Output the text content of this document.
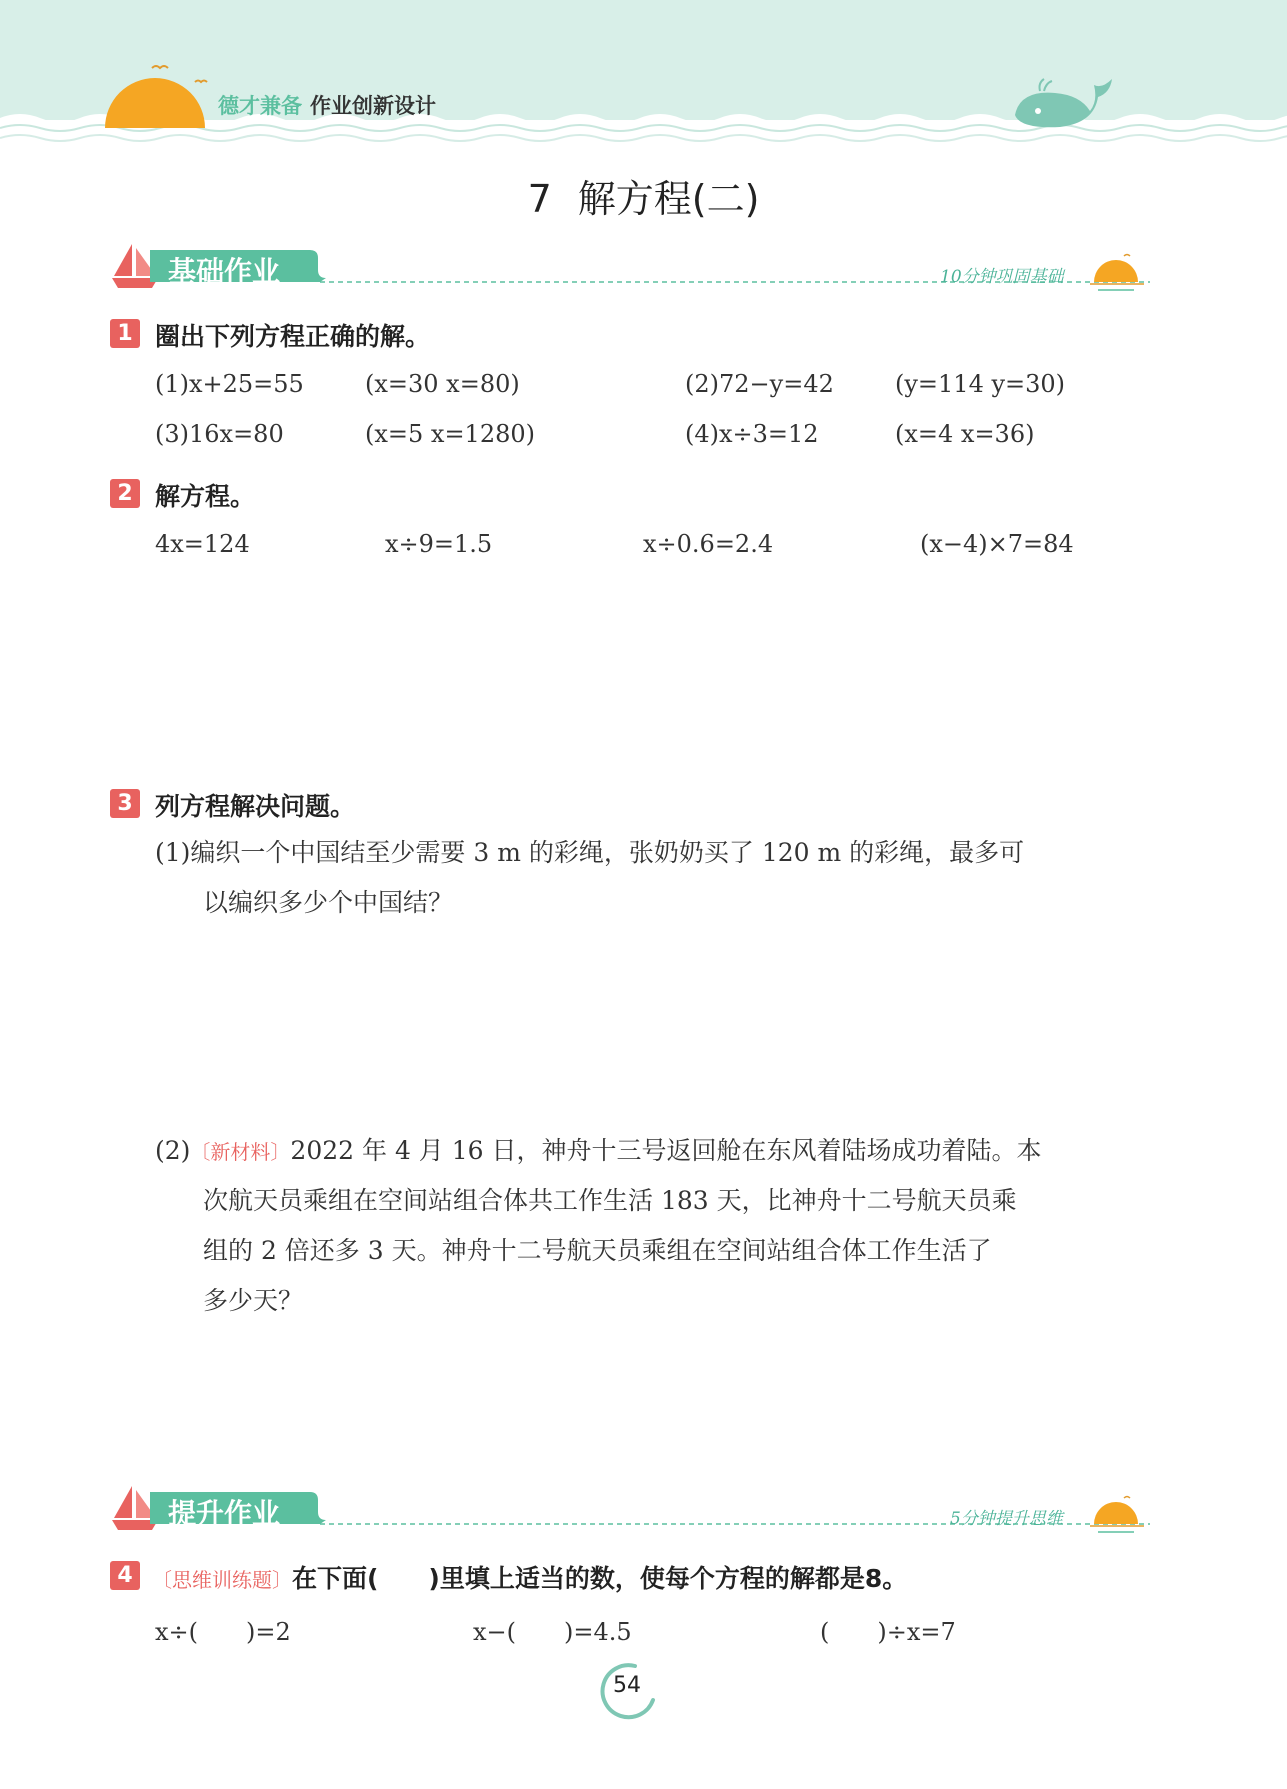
德才兼备 作业创新设计
7 解方程(二)
基础作业	10分钟巩固基础
1 圈出下列方程正确的解。
(1)x+25=55	(x=30 x=80)	(2)72−y=42	(y=114 y=30)
(3)16x=80	(x=5 x=1280)	(4)x÷3=12	(x=4 x=36)
2 解方程。
4x=124	x÷9=1.5	x÷0.6=2.4	(x−4)×7=84
3 列方程解决问题。
(1)编织一个中国结至少需要 3 m 的彩绳，张奶奶买了 120 m 的彩绳，最多可
以编织多少个中国结？
(2)〔新材料〕2022 年 4 月 16 日，神舟十三号返回舱在东风着陆场成功着陆。本
次航天员乘组在空间站组合体共工作生活 183 天，比神舟十二号航天员乘
组的 2 倍还多 3 天。神舟十二号航天员乘组在空间站组合体工作生活了
多少天？
提升作业	5分钟提升思维
4 〔思维训练题〕在下面(　　)里填上适当的数，使每个方程的解都是8。
x÷(　　)=2	x−(　　)=4.5	(　　)÷x=7
54
